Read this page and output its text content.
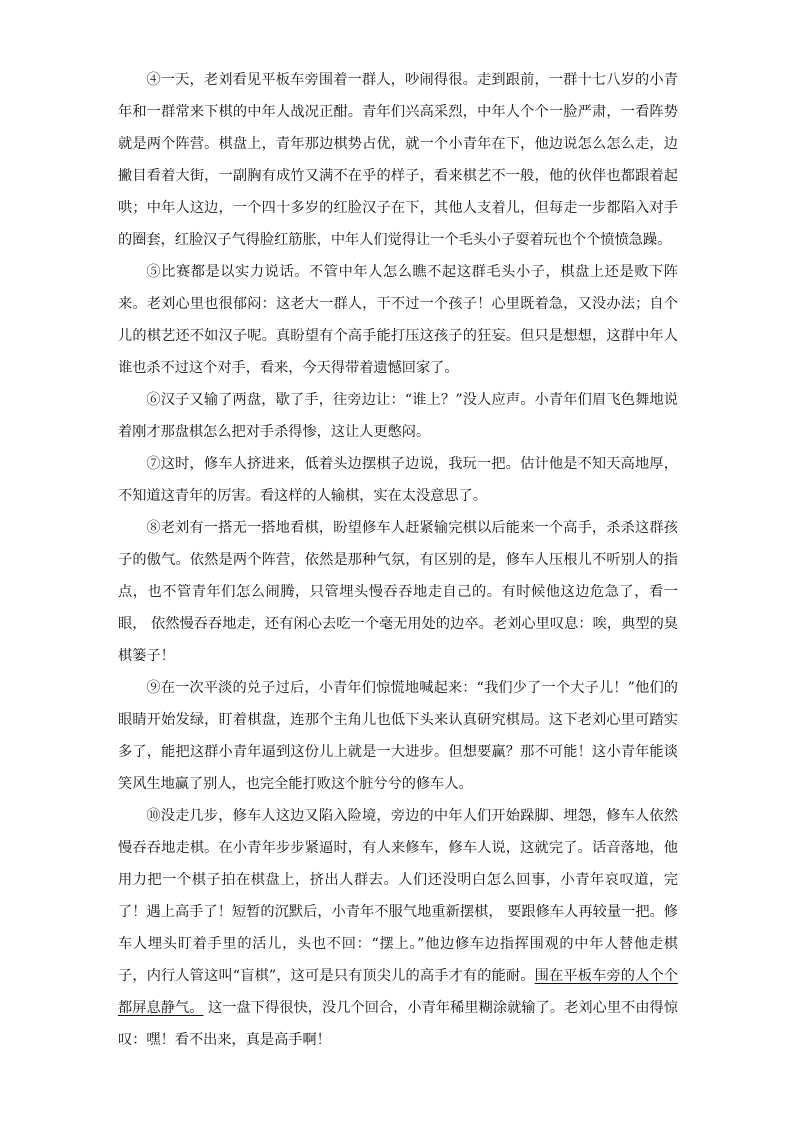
④一天，老刘看见平板车旁围着一群人，吵闹得很。走到跟前，一群十七八岁的小青年和一群常来下棋的中年人战况正酣。青年们兴高采烈，中年人个个一脸严肃，一看阵势就是两个阵营。棋盘上，青年那边棋势占优，就一个小青年在下，他边说怎么怎么走，边撇目看着大街，一副胸有成竹又满不在乎的样子，看来棋艺不一般，他的伙伴也都跟着起哄；中年人这边，一个四十多岁的红脸汉子在下，其他人支着儿，但每走一步都陷入对手的圈套，红脸汉子气得脸红筋胀，中年人们觉得让一个毛头小子耍着玩也个个愤愤急躁。

⑤比赛都是以实力说话。不管中年人怎么瞧不起这群毛头小子，棋盘上还是败下阵来。老刘心里也很郁闷：这老大一群人，干不过一个孩子！心里既着急，又没办法；自个儿的棋艺还不如汉子呢。真盼望有个高手能打压这孩子的狂妄。但只是想想，这群中年人谁也杀不过这个对手，看来，今天得带着遗憾回家了。

⑥汉子又输了两盘，歇了手，往旁边让：“谁上？”没人应声。小青年们眉飞色舞地说着刚才那盘棋怎么把对手杀得惨，这让人更憋闷。

⑦这时，修车人挤进来，低着头边摆棋子边说，我玩一把。估计他是不知天高地厚，不知道这青年的厉害。看这样的人输棋，实在太没意思了。

⑧老刘有一搭无一搭地看棋，盼望修车人赶紧输完棋以后能来一个高手，杀杀这群孩子的傲气。依然是两个阵营，依然是那种气氛，有区别的是，修车人压根儿不听别人的指点，也不管青年们怎么闹腾，只管埋头慢吞吞地走自己的。有时候他这边危急了，看一眼， 依然慢吞吞地走，还有闲心去吃一个毫无用处的边卒。老刘心里叹息：唉，典型的臭棋篓子！

⑨在一次平淡的兑子过后，小青年们惊慌地喊起来：“我们少了一个大子儿！”他们的眼睛开始发绿，盯着棋盘，连那个主角儿也低下头来认真研究棋局。这下老刘心里可踏实多了，能把这群小青年逼到这份儿上就是一大进步。但想要赢？那不可能！这小青年能谈笑风生地赢了别人，也完全能打败这个脏兮兮的修车人。

⑩没走几步，修车人这边又陷入险境，旁边的中年人们开始跺脚、埋怨，修车人依然慢吞吞地走棋。在小青年步步紧逼时，有人来修车，修车人说，这就完了。话音落地，他用力把一个棋子拍在棋盘上，挤出人群去。人们还没明白怎么回事，小青年哀叹道，完了！遇上高手了！短暂的沉默后，小青年不服气地重新摆棋， 要跟修车人再较量一把。修车人埋头盯着手里的活儿，头也不回：“摆上。”他边修车边指挥围观的中年人替他走棋子，内行人管这叫“盲棋”，这可是只有顶尖儿的高手才有的能耐。围在平板车旁的人个个都屏息静气。 这一盘下得很快，没几个回合，小青年稀里糊涂就输了。老刘心里不由得惊叹：嘿！看不出来，真是高手啊！
